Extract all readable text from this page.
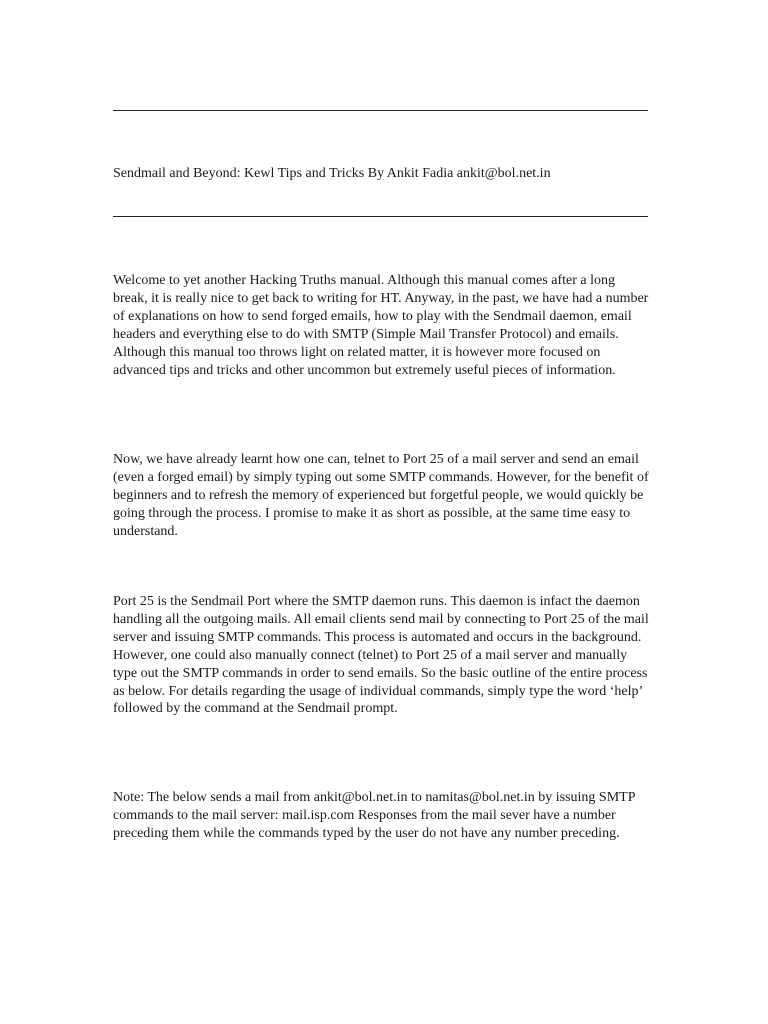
Sendmail and Beyond: Kewl Tips and Tricks By Ankit Fadia ankit@bol.net.in

Welcome to yet another Hacking Truths manual. Although this manual comes after a long break, it is really nice to get back to writing for HT. Anyway, in the past, we have had a number of explanations on how to send forged emails, how to play with the Sendmail daemon, email headers and everything else to do with SMTP (Simple Mail Transfer Protocol) and emails. Although this manual too throws light on related matter, it is however more focused on advanced tips and tricks and other uncommon but extremely useful pieces of information.

Now, we have already learnt how one can, telnet to Port 25 of a mail server and send an email (even a forged email) by simply typing out some SMTP commands. However, for the benefit of beginners and to refresh the memory of experienced but forgetful people, we would quickly be going through the process. I promise to make it as short as possible, at the same time easy to understand.

Port 25 is the Sendmail Port where the SMTP daemon runs. This daemon is infact the daemon handling all the outgoing mails. All email clients send mail by connecting to Port 25 of the mail server and issuing SMTP commands. This process is automated and occurs in the background. However, one could also manually connect (telnet) to Port 25 of a mail server and manually type out the SMTP commands in order to send emails. So the basic outline of the entire process as below. For details regarding the usage of individual commands, simply type the word ‘help’ followed by the command at the Sendmail prompt.

Note: The below sends a mail from ankit@bol.net.in to namitas@bol.net.in by issuing SMTP commands to the mail server: mail.isp.com Responses from the mail sever have a number preceding them while the commands typed by the user do not have any number preceding.
